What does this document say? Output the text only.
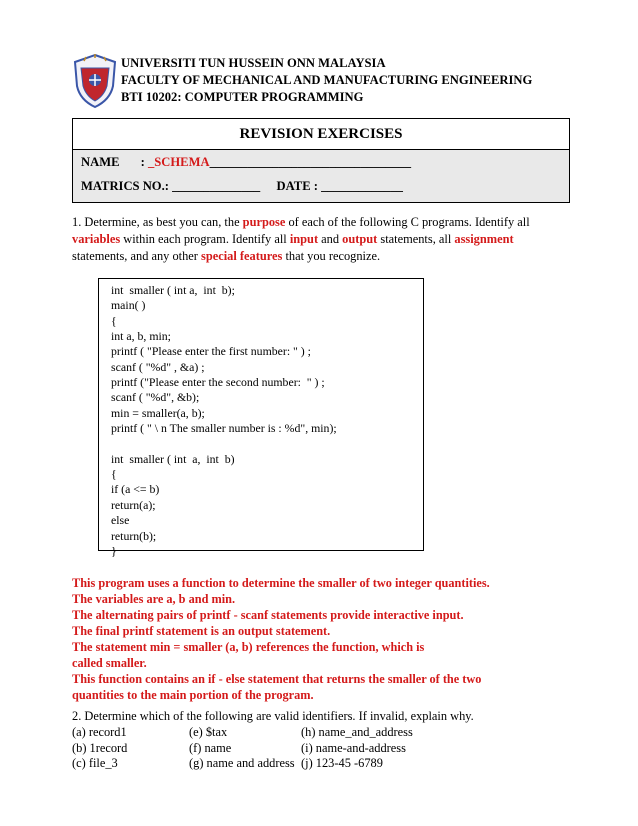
UNIVERSITI TUN HUSSEIN ONN MALAYSIA
FACULTY OF MECHANICAL AND MANUFACTURING ENGINEERING
BTI 10202: COMPUTER PROGRAMMING
REVISION EXERCISES
NAME : _SCHEMA________________________________
MATRICS NO.: ______________ DATE : _____________
1. Determine, as best you can, the purpose of each of the following C programs. Identify all variables within each program. Identify all input and output statements, all assignment statements, and any other special features that you recognize.
int  smaller ( int a,  int  b);
main( )
{
int a, b, min;
printf ( "Please enter the first number: " ) ;
scanf ( "%d" , &a) ;
printf ("Please enter the second number:  " ) ;
scanf ( "%d", &b);
min = smaller(a, b);
printf ( " \ n The smaller number is : %d", min);

int  smaller ( int  a,  int  b)
{
if (a <= b)
return(a);
else
return(b);
}
This program uses a function to determine the smaller of two integer quantities.
The variables are a, b and min.
The alternating pairs of printf - scanf statements provide interactive input.
The final printf statement is an output statement.
The statement min = smaller (a, b) references the function, which is
called smaller.
This function contains an if - else statement that returns the smaller of the two
quantities to the main portion of the program.
2. Determine which of the following are valid identifiers. If invalid, explain why.
(a) record1	(e) $tax	(h) name_and_address
(b) 1record	(f) name	(i) name-and-address
(c) file_3	(g) name and address (j) 123-45 -6789
